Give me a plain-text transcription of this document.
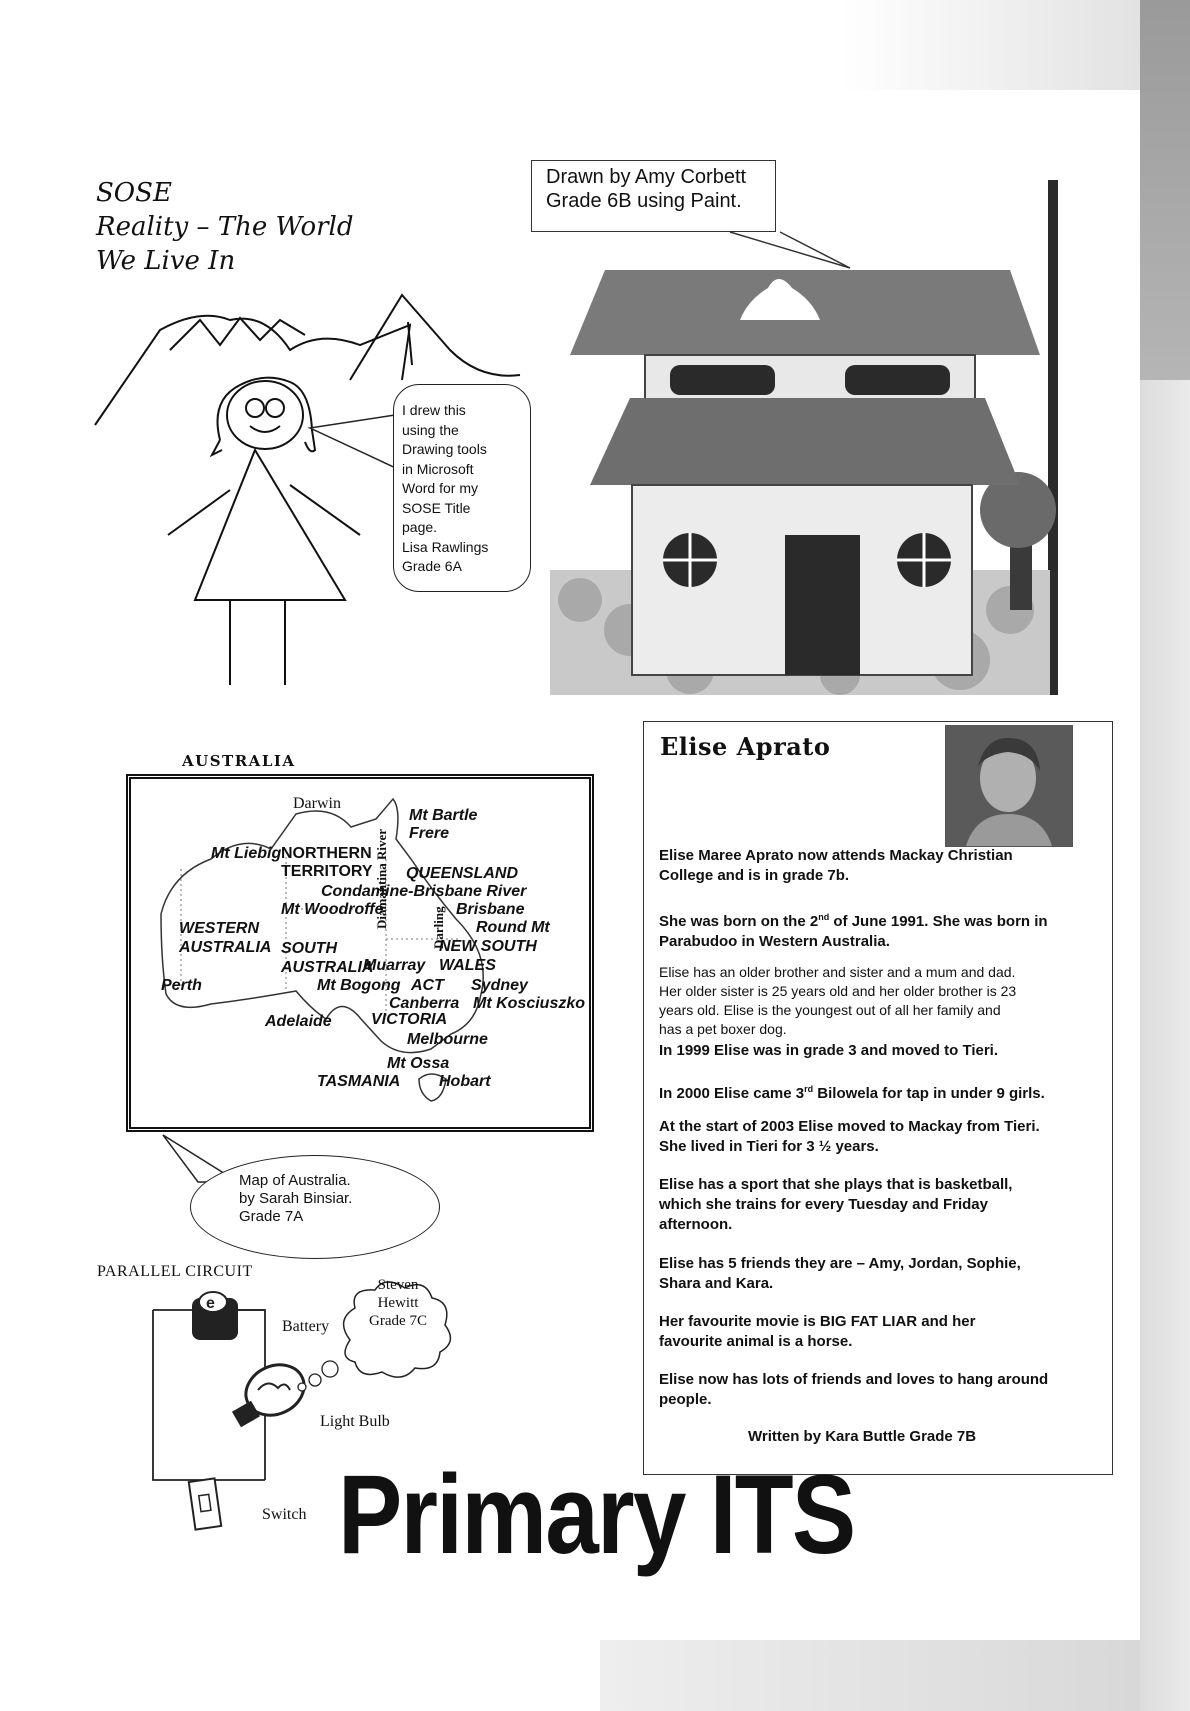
SOSE
Reality – The World
We Live In
I drew this
using the
Drawing tools
in Microsoft
Word for my
SOSE Title
page.
Lisa Rawlings
Grade 6A
Drawn by Amy Corbett
Grade 6B using Paint.
AUSTRALIA
Darwin
Mt Bartle
Frere
Mt Liebig NORTHERN
TERRITORY QUEENSLAND
Condamine-Brisbane River
Brisbane
Mt Woodroffe
WESTERN
AUSTRALIA SOUTH
AUSTRALIA
Round Mt
NEW SOUTH
WALES
Muarray
Perth	Mt Bogong ACT Sydney
Canberra Mt Kosciuszko
Adelaide VICTORIA
Melbourne
Mt Ossa
TASMANIA Hobart
Diamantina River	Darling
Map of Australia.
by Sarah Binsiar.
Grade 7A
PARALLEL CIRCUIT
e
Battery
Light Bulb
Switch
Steven
Hewitt
Grade 7C
Elise Aprato
Elise Maree Aprato now attends Mackay Christian
College and is in grade 7b.
She was born on the 2nd of June 1991. She was born in
Parabudoo in Western Australia.
Elise has an older brother and sister and a mum and dad.
Her older sister is 25 years old and her older brother is 23
years old. Elise is the youngest out of all her family and
has a pet boxer dog.
In 1999 Elise was in grade 3 and moved to Tieri.
In 2000 Elise came 3rd Bilowela for tap in under 9 girls.
At the start of 2003 Elise moved to Mackay from Tieri.
She lived in Tieri for 3 ½ years.
Elise has a sport that she plays that is basketball,
which she trains for every Tuesday and Friday
afternoon.
Elise has 5 friends they are – Amy, Jordan, Sophie,
Shara and Kara.
Her favourite movie is BIG FAT LIAR and her
favourite animal is a horse.
Elise now has lots of friends and loves to hang around
people.
Written by Kara Buttle Grade 7B
Primary ITS
